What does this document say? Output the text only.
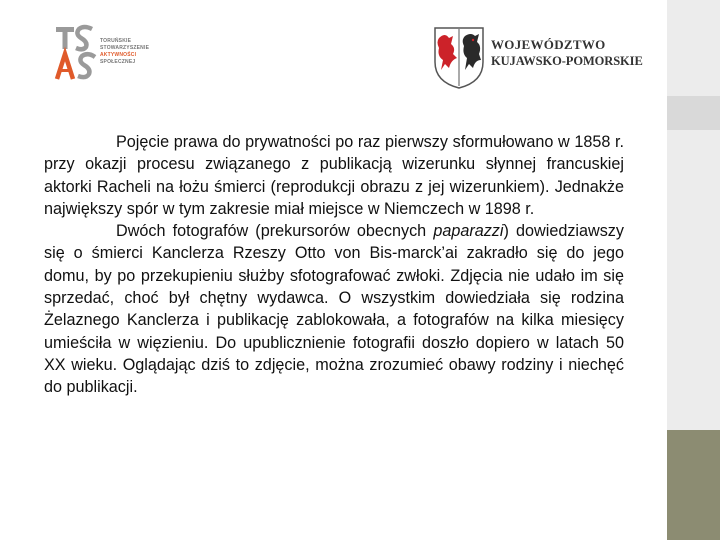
TORUŃSKIE
STOWARZYSZENIE
AKTYWNOŚCI
SPOŁECZNEJ
WOJEWÓDZTWO
KUJAWSKO-POMORSKIE

Pojęcie prawa do prywatności po raz pierwszy sformułowano w 1858 r. przy okazji procesu związanego z publikacją wizerunku słynnej francuskiej aktorki Racheli na łożu śmierci (reprodukcji obrazu z jej wizerunkiem). Jednakże największy spór w tym zakresie miał miejsce w Niemczech w 1898 r.

Dwóch fotografów (prekursorów obecnych paparazzi) dowiedziawszy się o śmierci Kanclerza Rzeszy Otto von Bis-marck’ai zakradło się do jego domu, by po przekupieniu służby sfotografować zwłoki. Zdjęcia nie udało im się sprzedać, choć był chętny wydawca. O wszystkim dowiedziała się rodzina Żelaznego Kanclerza i publikację zablokowała, a fotografów na kilka miesięcy umieściła w więzieniu. Do upublicznienie fotografii doszło dopiero w latach 50 XX wieku. Oglądając dziś to zdjęcie, można zrozumieć obawy rodziny i niechęć do publikacji.
